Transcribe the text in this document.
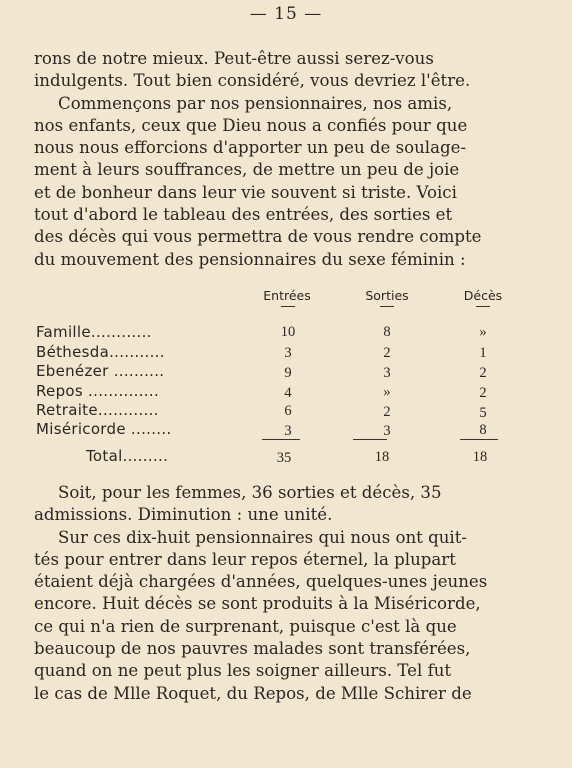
— 15 —
rons de notre mieux. Peut-être aussi serez-vous
indulgents. Tout bien considéré, vous devriez l'être.
Commençons par nos pensionnaires, nos amis,
nos enfants, ceux que Dieu nous a confiés pour que
nous nous efforcions d'apporter un peu de soulage-
ment à leurs souffrances, de mettre un peu de joie
et de bonheur dans leur vie souvent si triste. Voici
tout d'abord le tableau des entrées, des sorties et
des décès qui vous permettra de vous rendre compte
du mouvement des pensionnaires du sexe féminin :
Entrées	Sorties	Décès
Famille............	10	8	»
Béthesda...........	3	2	1
Ebenézer ..........	9	3	2
Repos ..............	4	»	2
Retraite............	6	2	5
Miséricorde ........	3	3	8
Total.........	35	18	18
Soit, pour les femmes, 36 sorties et décès, 35
admissions. Diminution : une unité.
Sur ces dix-huit pensionnaires qui nous ont quit-
tés pour entrer dans leur repos éternel, la plupart
étaient déjà chargées d'années, quelques-unes jeunes
encore. Huit décès se sont produits à la Miséricorde,
ce qui n'a rien de surprenant, puisque c'est là que
beaucoup de nos pauvres malades sont transférées,
quand on ne peut plus les soigner ailleurs. Tel fut
le cas de Mlle Roquet, du Repos, de Mlle Schirer de
